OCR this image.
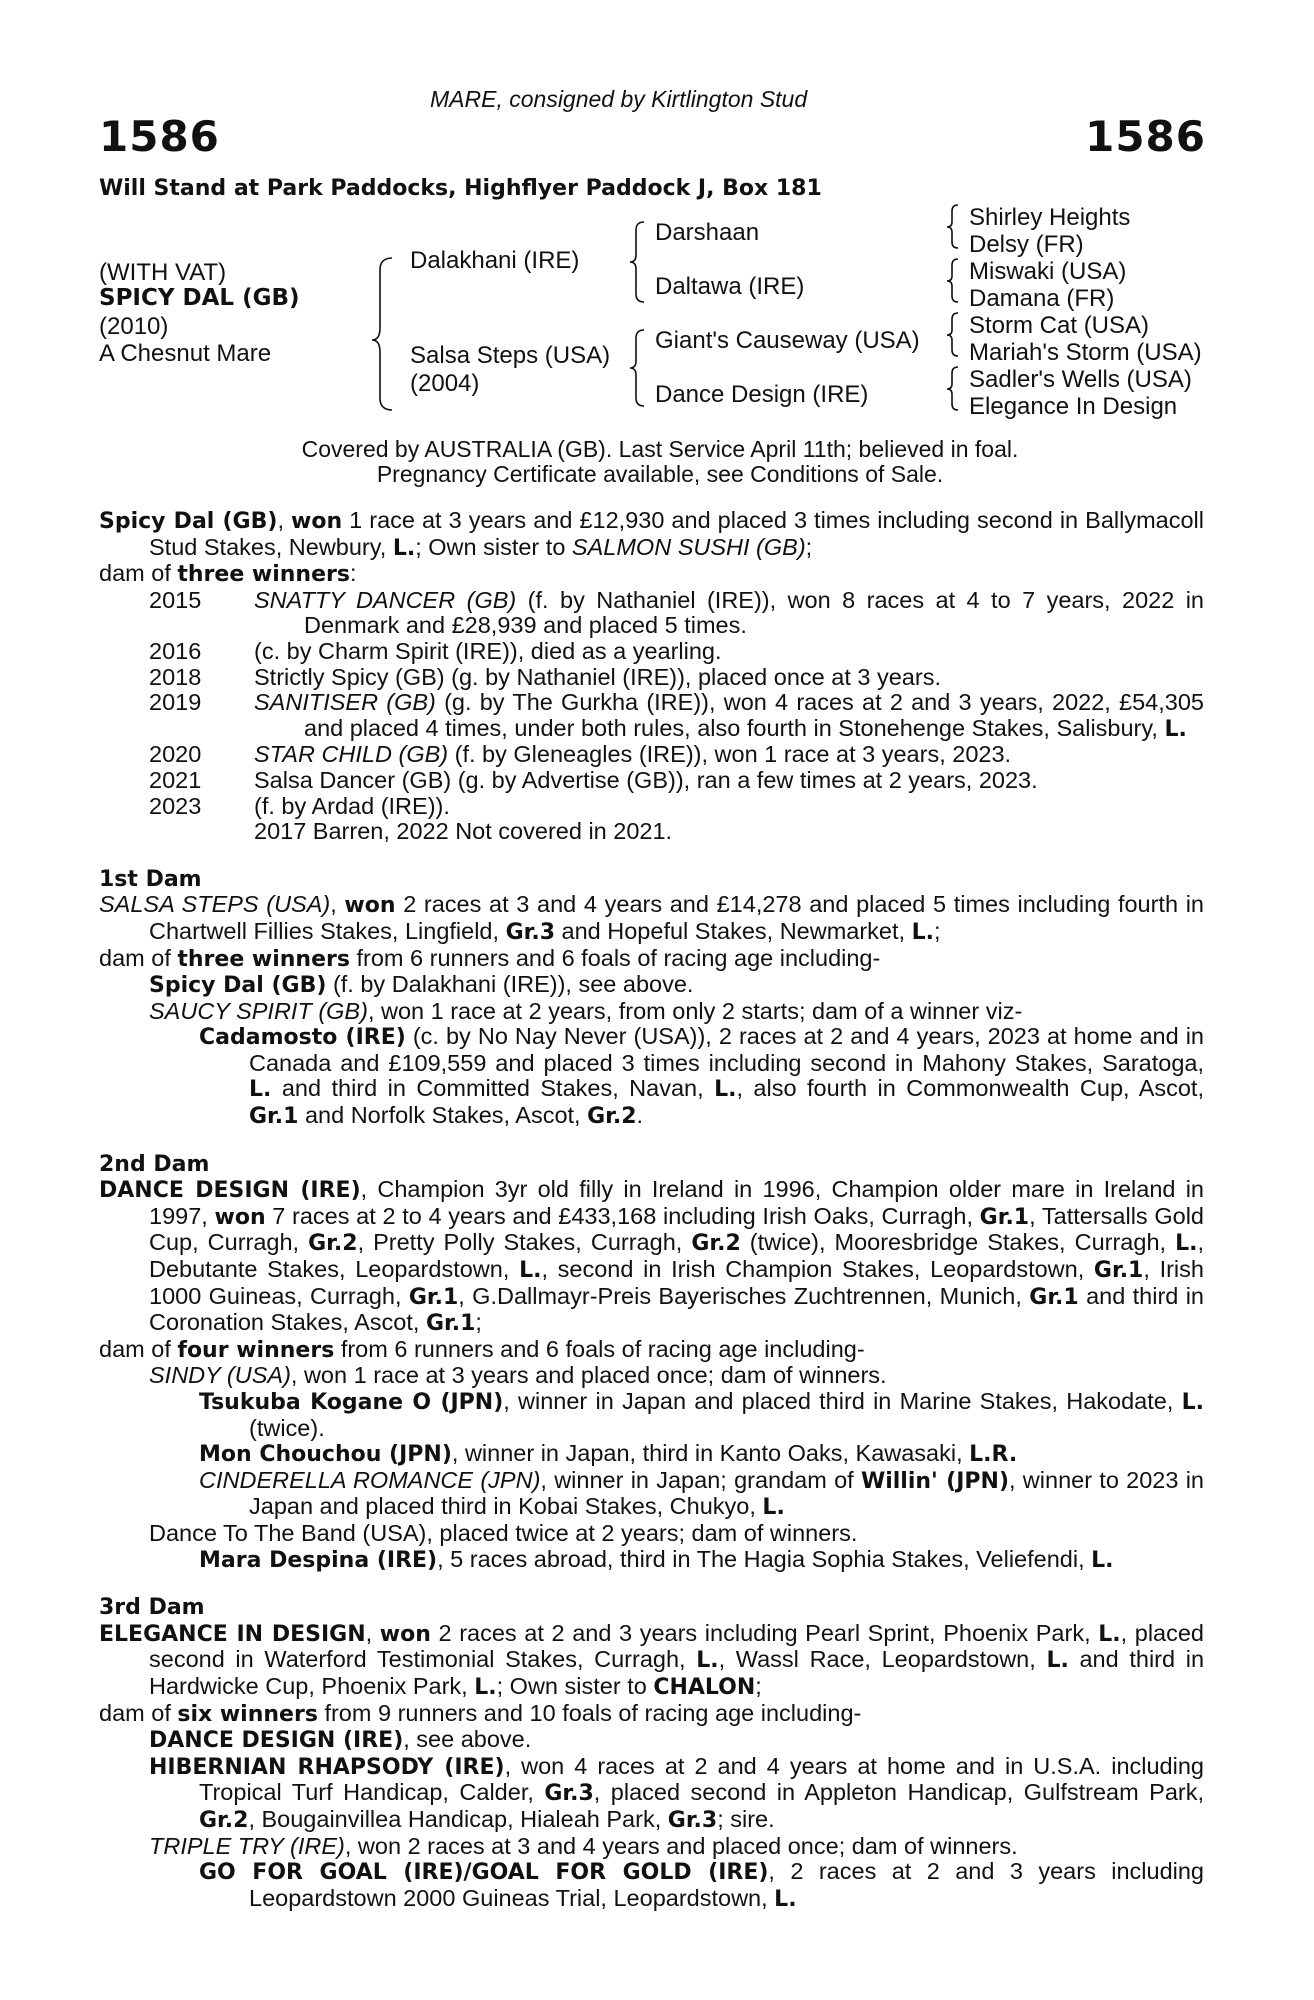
MARE, consigned by Kirtlington Stud
1586	1586
Will Stand at Park Paddocks, Highflyer Paddock J, Box 181
(WITH VAT)
SPICY DAL (GB)
(2010)
A Chesnut Mare
Dalakhani (IRE)
Salsa Steps (USA)
(2004)
Darshaan
Daltawa (IRE)
Giant's Causeway (USA)
Dance Design (IRE)
Shirley Heights
Delsy (FR)
Miswaki (USA)
Damana (FR)
Storm Cat (USA)
Mariah's Storm (USA)
Sadler's Wells (USA)
Elegance In Design
Covered by AUSTRALIA (GB). Last Service April 11th; believed in foal.
Pregnancy Certificate available, see Conditions of Sale.

Spicy Dal (GB), won 1 race at 3 years and £12,930 and placed 3 times including second in Ballymacoll Stud Stakes, Newbury, L.; Own sister to SALMON SUSHI (GB);

dam of three winners:

2015	SNATTY DANCER (GB) (f. by Nathaniel (IRE)), won 8 races at 4 to 7 years, 2022 in Denmark and £28,939 and placed 5 times.
2016	(c. by Charm Spirit (IRE)), died as a yearling.
2018	Strictly Spicy (GB) (g. by Nathaniel (IRE)), placed once at 3 years.
2019	SANITISER (GB) (g. by The Gurkha (IRE)), won 4 races at 2 and 3 years, 2022, £54,305 and placed 4 times, under both rules, also fourth in Stonehenge Stakes, Salisbury, L.
2020	STAR CHILD (GB) (f. by Gleneagles (IRE)), won 1 race at 3 years, 2023.
2021	Salsa Dancer (GB) (g. by Advertise (GB)), ran a few times at 2 years, 2023.
2023	(f. by Ardad (IRE)).

2017 Barren, 2022 Not covered in 2021.

1st Dam

SALSA STEPS (USA), won 2 races at 3 and 4 years and £14,278 and placed 5 times including fourth in Chartwell Fillies Stakes, Lingfield, Gr.3 and Hopeful Stakes, Newmarket, L.;

dam of three winners from 6 runners and 6 foals of racing age including-

Spicy Dal (GB) (f. by Dalakhani (IRE)), see above.

SAUCY SPIRIT (GB), won 1 race at 2 years, from only 2 starts; dam of a winner viz-

Cadamosto (IRE) (c. by No Nay Never (USA)), 2 races at 2 and 4 years, 2023 at home and in Canada and £109,559 and placed 3 times including second in Mahony Stakes, Saratoga, L. and third in Committed Stakes, Navan, L., also fourth in Commonwealth Cup, Ascot, Gr.1 and Norfolk Stakes, Ascot, Gr.2.

2nd Dam

DANCE DESIGN (IRE), Champion 3yr old filly in Ireland in 1996, Champion older mare in Ireland in 1997, won 7 races at 2 to 4 years and £433,168 including Irish Oaks, Curragh, Gr.1, Tattersalls Gold Cup, Curragh, Gr.2, Pretty Polly Stakes, Curragh, Gr.2 (twice), Mooresbridge Stakes, Curragh, L., Debutante Stakes, Leopardstown, L., second in Irish Champion Stakes, Leopardstown, Gr.1, Irish 1000 Guineas, Curragh, Gr.1, G.Dallmayr-Preis Bayerisches Zuchtrennen, Munich, Gr.1 and third in Coronation Stakes, Ascot, Gr.1;

dam of four winners from 6 runners and 6 foals of racing age including-

SINDY (USA), won 1 race at 3 years and placed once; dam of winners.

Tsukuba Kogane O (JPN), winner in Japan and placed third in Marine Stakes, Hakodate, L. (twice).

Mon Chouchou (JPN), winner in Japan, third in Kanto Oaks, Kawasaki, L.R.

CINDERELLA ROMANCE (JPN), winner in Japan; grandam of Willin' (JPN), winner to 2023 in Japan and placed third in Kobai Stakes, Chukyo, L.

Dance To The Band (USA), placed twice at 2 years; dam of winners.

Mara Despina (IRE), 5 races abroad, third in The Hagia Sophia Stakes, Veliefendi, L.

3rd Dam

ELEGANCE IN DESIGN, won 2 races at 2 and 3 years including Pearl Sprint, Phoenix Park, L., placed second in Waterford Testimonial Stakes, Curragh, L., Wassl Race, Leopardstown, L. and third in Hardwicke Cup, Phoenix Park, L.; Own sister to CHALON;

dam of six winners from 9 runners and 10 foals of racing age including-

DANCE DESIGN (IRE), see above.

HIBERNIAN RHAPSODY (IRE), won 4 races at 2 and 4 years at home and in U.S.A. including Tropical Turf Handicap, Calder, Gr.3, placed second in Appleton Handicap, Gulfstream Park, Gr.2, Bougainvillea Handicap, Hialeah Park, Gr.3; sire.

TRIPLE TRY (IRE), won 2 races at 3 and 4 years and placed once; dam of winners.

GO FOR GOAL (IRE)/GOAL FOR GOLD (IRE), 2 races at 2 and 3 years including Leopardstown 2000 Guineas Trial, Leopardstown, L.
